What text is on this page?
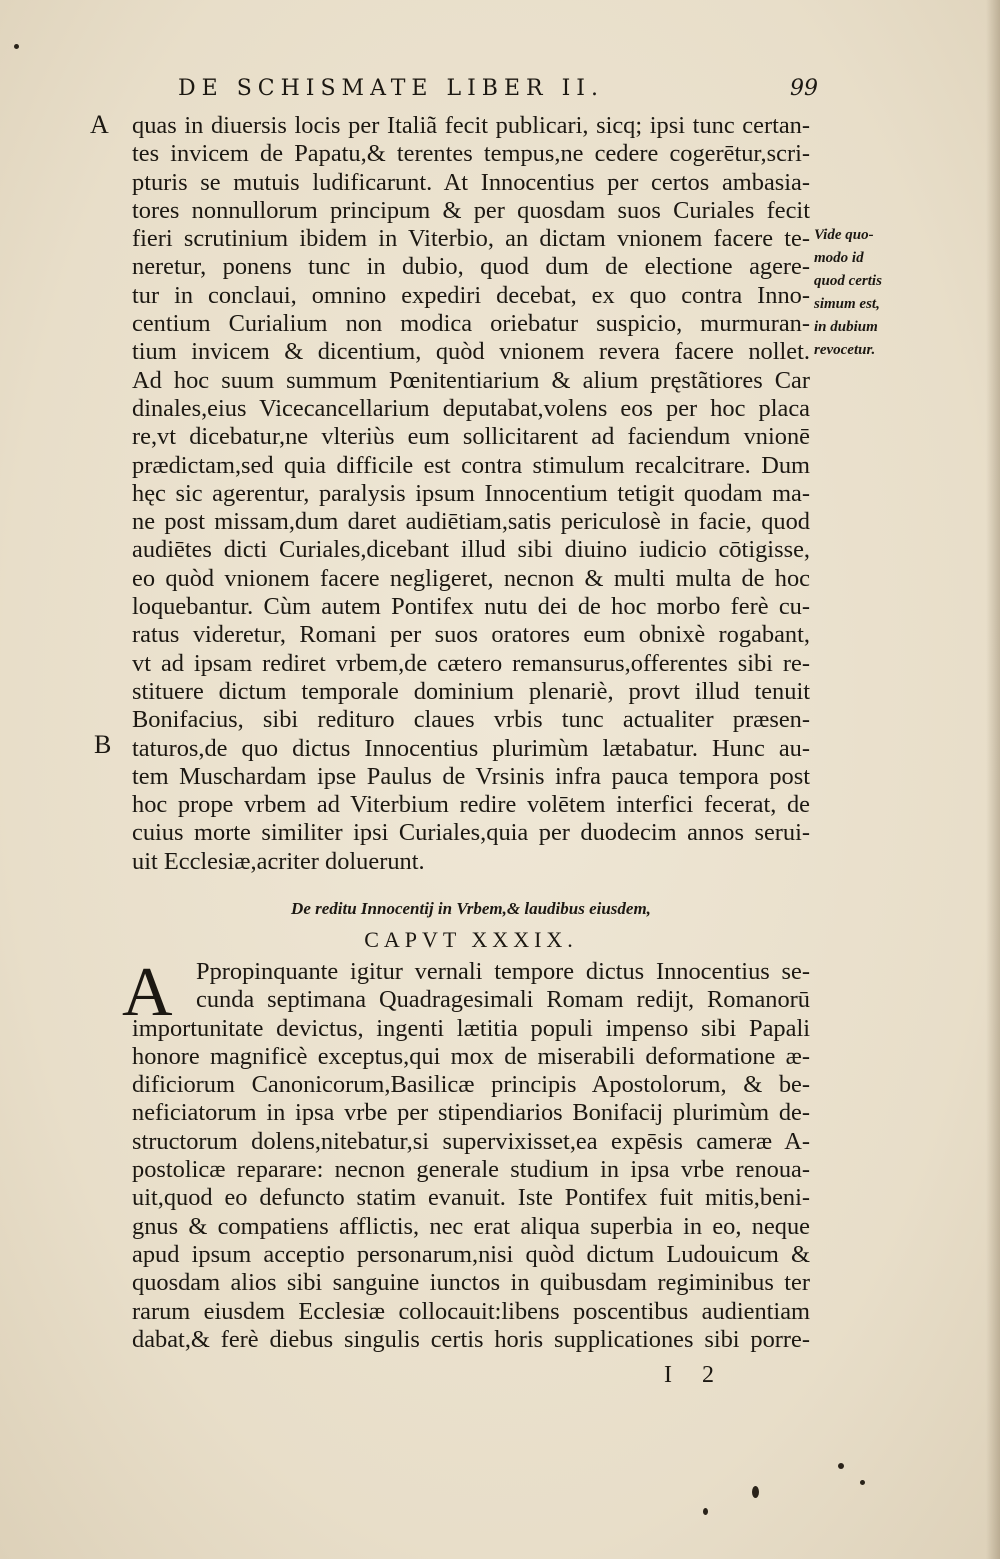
DE SCHISMATE LIBER II.	99
A
B
quas in diuersis locis per Italiã fecit publicari, sicq; ipsi tunc certan-
tes invicem de Papatu,& terentes tempus,ne cedere cogerētur,scri-
pturis se mutuis ludificarunt. At Innocentius per certos ambasia-
tores nonnullorum principum & per quosdam suos Curiales fecit
fieri scrutinium ibidem in Viterbio, an dictam vnionem facere te-
neretur, ponens tunc in dubio, quod dum de electione agere-
tur in conclaui, omnino expediri decebat, ex quo contra Inno-
centium Curialium non modica oriebatur suspicio, murmuran-
tium invicem & dicentium, quòd vnionem revera facere nollet.
Ad hoc suum summum Pœnitentiarium & alium pręstãtiores Car
dinales,eius Vicecancellarium deputabat,volens eos per hoc placa
re,vt dicebatur,ne vlteriùs eum sollicitarent ad faciendum vnionē
prædictam,sed quia difficile est contra stimulum recalcitrare. Dum
hęc sic agerentur, paralysis ipsum Innocentium tetigit quodam ma-
ne post missam,dum daret audiētiam,satis periculosè in facie, quod
audiētes dicti Curiales,dicebant illud sibi diuino iudicio cōtigisse,
eo quòd vnionem facere negligeret, necnon & multi multa de hoc
loquebantur. Cùm autem Pontifex nutu dei de hoc morbo ferè cu-
ratus videretur, Romani per suos oratores eum obnixè rogabant,
vt ad ipsam rediret vrbem,de cætero remansurus,offerentes sibi re-
stituere dictum temporale dominium plenariè, provt illud tenuit
Bonifacius, sibi redituro claues vrbis tunc actualiter præsen-
taturos,de quo dictus Innocentius plurimùm lætabatur. Hunc au-
tem Muschardam ipse Paulus de Vrsinis infra pauca tempora post
hoc prope vrbem ad Viterbium redire volētem interfici fecerat, de
cuius morte similiter ipsi Curiales,quia per duodecim annos serui-
uit Ecclesiæ,acriter doluerunt.
Vide quo-
modo id
quod certis
simum est,
in dubium
revocetur.
De reditu Innocentij in Vrbem,& laudibus eiusdem,
CAPVT XXXIX.
A Ppropinquante igitur vernali tempore dictus Innocentius se-
cunda septimana Quadragesimali Romam redijt, Romanorū
importunitate devictus, ingenti lætitia populi impenso sibi Papali
honore magnificè exceptus,qui mox de miserabili deformatione æ-
dificiorum Canonicorum,Basilicæ principis Apostolorum, & be-
neficiatorum in ipsa vrbe per stipendiarios Bonifacij plurimùm de-
structorum dolens,nitebatur,si supervixisset,ea expēsis cameræ A-
postolicæ reparare: necnon generale studium in ipsa vrbe renoua-
uit,quod eo defuncto statim evanuit. Iste Pontifex fuit mitis,beni-
gnus & compatiens afflictis, nec erat aliqua superbia in eo, neque
apud ipsum acceptio personarum,nisi quòd dictum Ludouicum &
quosdam alios sibi sanguine iunctos in quibusdam regiminibus ter
rarum eiusdem Ecclesiæ collocauit:libens poscentibus audientiam
dabat,& ferè diebus singulis certis horis supplicationes sibi porre-
I 2
